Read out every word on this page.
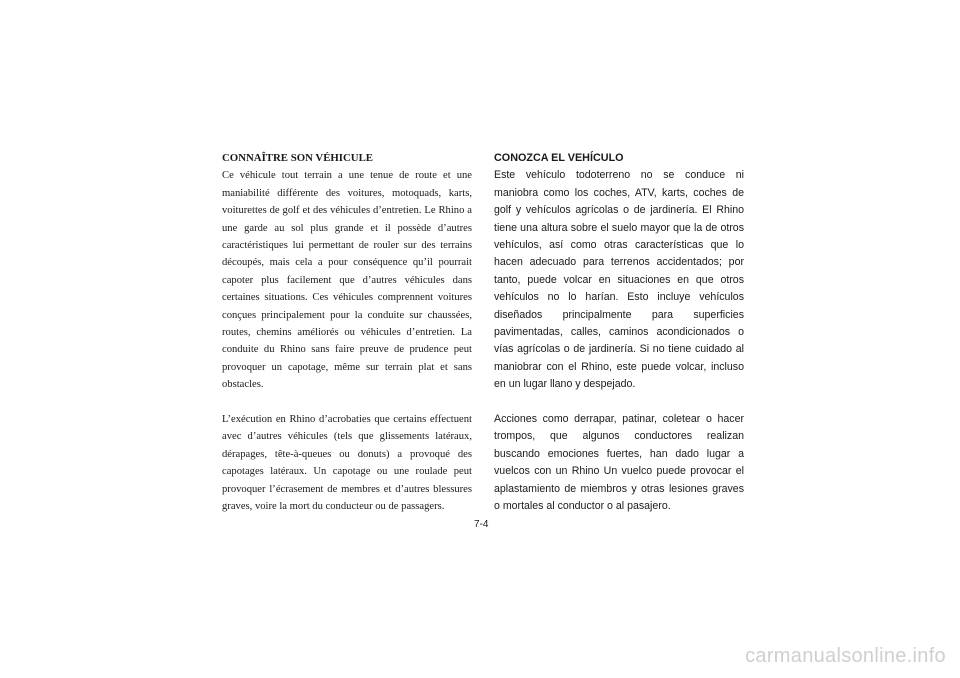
CONNAÎTRE SON VÉHICULE

Ce véhicule tout terrain a une tenue de route et une maniabilité différente des voitures, motoquads, karts, voiturettes de golf et des véhicules d’entretien. Le Rhino a une garde au sol plus grande et il possède d’autres caractéristiques lui permettant de rouler sur des terrains découpés, mais cela a pour conséquence qu’il pourrait capoter plus facilement que d’autres véhicules dans certaines situations. Ces véhicules comprennent voitures conçues principalement pour la conduite sur chaussées, routes, chemins améliorés ou véhicules d’entretien. La conduite du Rhino sans faire preuve de prudence peut provoquer un capotage, même sur terrain plat et sans obstacles.

L’exécution en Rhino d’acrobaties que certains effectuent avec d’autres véhicules (tels que glissements latéraux, dérapages, tête-à-queues ou donuts) a provoqué des capotages latéraux. Un capotage ou une roulade peut provoquer l’écrasement de membres et d’autres blessures graves, voire la mort du conducteur ou de passagers.

CONOZCA EL VEHÍCULO

Este vehículo todoterreno no se conduce ni maniobra como los coches, ATV, karts, coches de golf y vehículos agrícolas o de jardinería. El Rhino tiene una altura sobre el suelo mayor que la de otros vehículos, así como otras características que lo hacen adecuado para terrenos accidentados; por tanto, puede volcar en situaciones en que otros vehículos no lo harían. Esto incluye vehículos diseñados principalmente para superficies pavimentadas, calles, caminos acondicionados o vías agrícolas o de jardinería. Si no tiene cuidado al maniobrar con el Rhino, este puede volcar, incluso en un lugar llano y despejado.

Acciones como derrapar, patinar, coletear o hacer trompos, que algunos conductores realizan buscando emociones fuertes, han dado lugar a vuelcos con un Rhino Un vuelco puede provocar el aplastamiento de miembros y otras lesiones graves o mortales al conductor o al pasajero.

7-4
carmanualsonline.info
